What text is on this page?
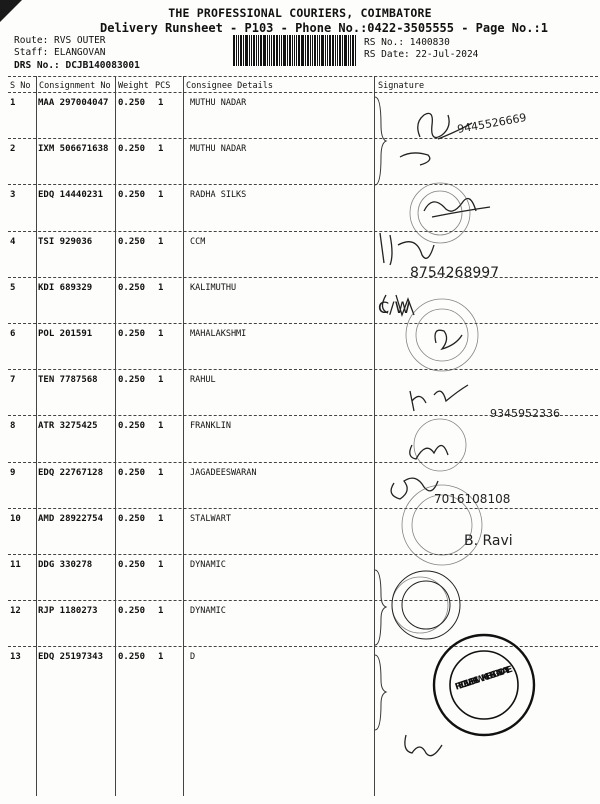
THE PROFESSIONAL COURIERS, COIMBATORE
Delivery Runsheet - P103 - Phone No.:0422-3505555 - Page No.:1
Route: RVS OUTER
Staff: ELANGOVAN
DRS No.: DCJB140083001
RS No.: 1400830
RS Date: 22-Jul-2024
S No Consignment No Weight PCS Consignee Details	Signature
1	MAA 297004047 0.250 1	MUTHU NADAR
2	IXM 506671638 0.250 1	MUTHU NADAR
3	EDQ 14440231 0.250 1	RADHA SILKS
4	TSI 929036	0.250 1	CCM
5	KDI 689329	0.250 1	KALIMUTHU
6	POL 201591	0.250 1	MAHALAKSHMI
7	TEN 7787568 0.250 1	RAHUL
8	ATR 3275425 0.250 1	FRANKLIN
9	EDQ 22767128 0.250 1	JAGADEESWARAN
10 AMD 28922754 0.250 1	STALWART
11 DDG 330278	0.250 1	DYNAMIC
12 RJP 1180273 0.250 1	DYNAMIC
13 EDQ 25197343 0.250 1	D
RECEIVED · CWH · CBE · SIGN · DATE
9445526669
8754268997
C/W
9345952336
7016108108
B. Ravi
